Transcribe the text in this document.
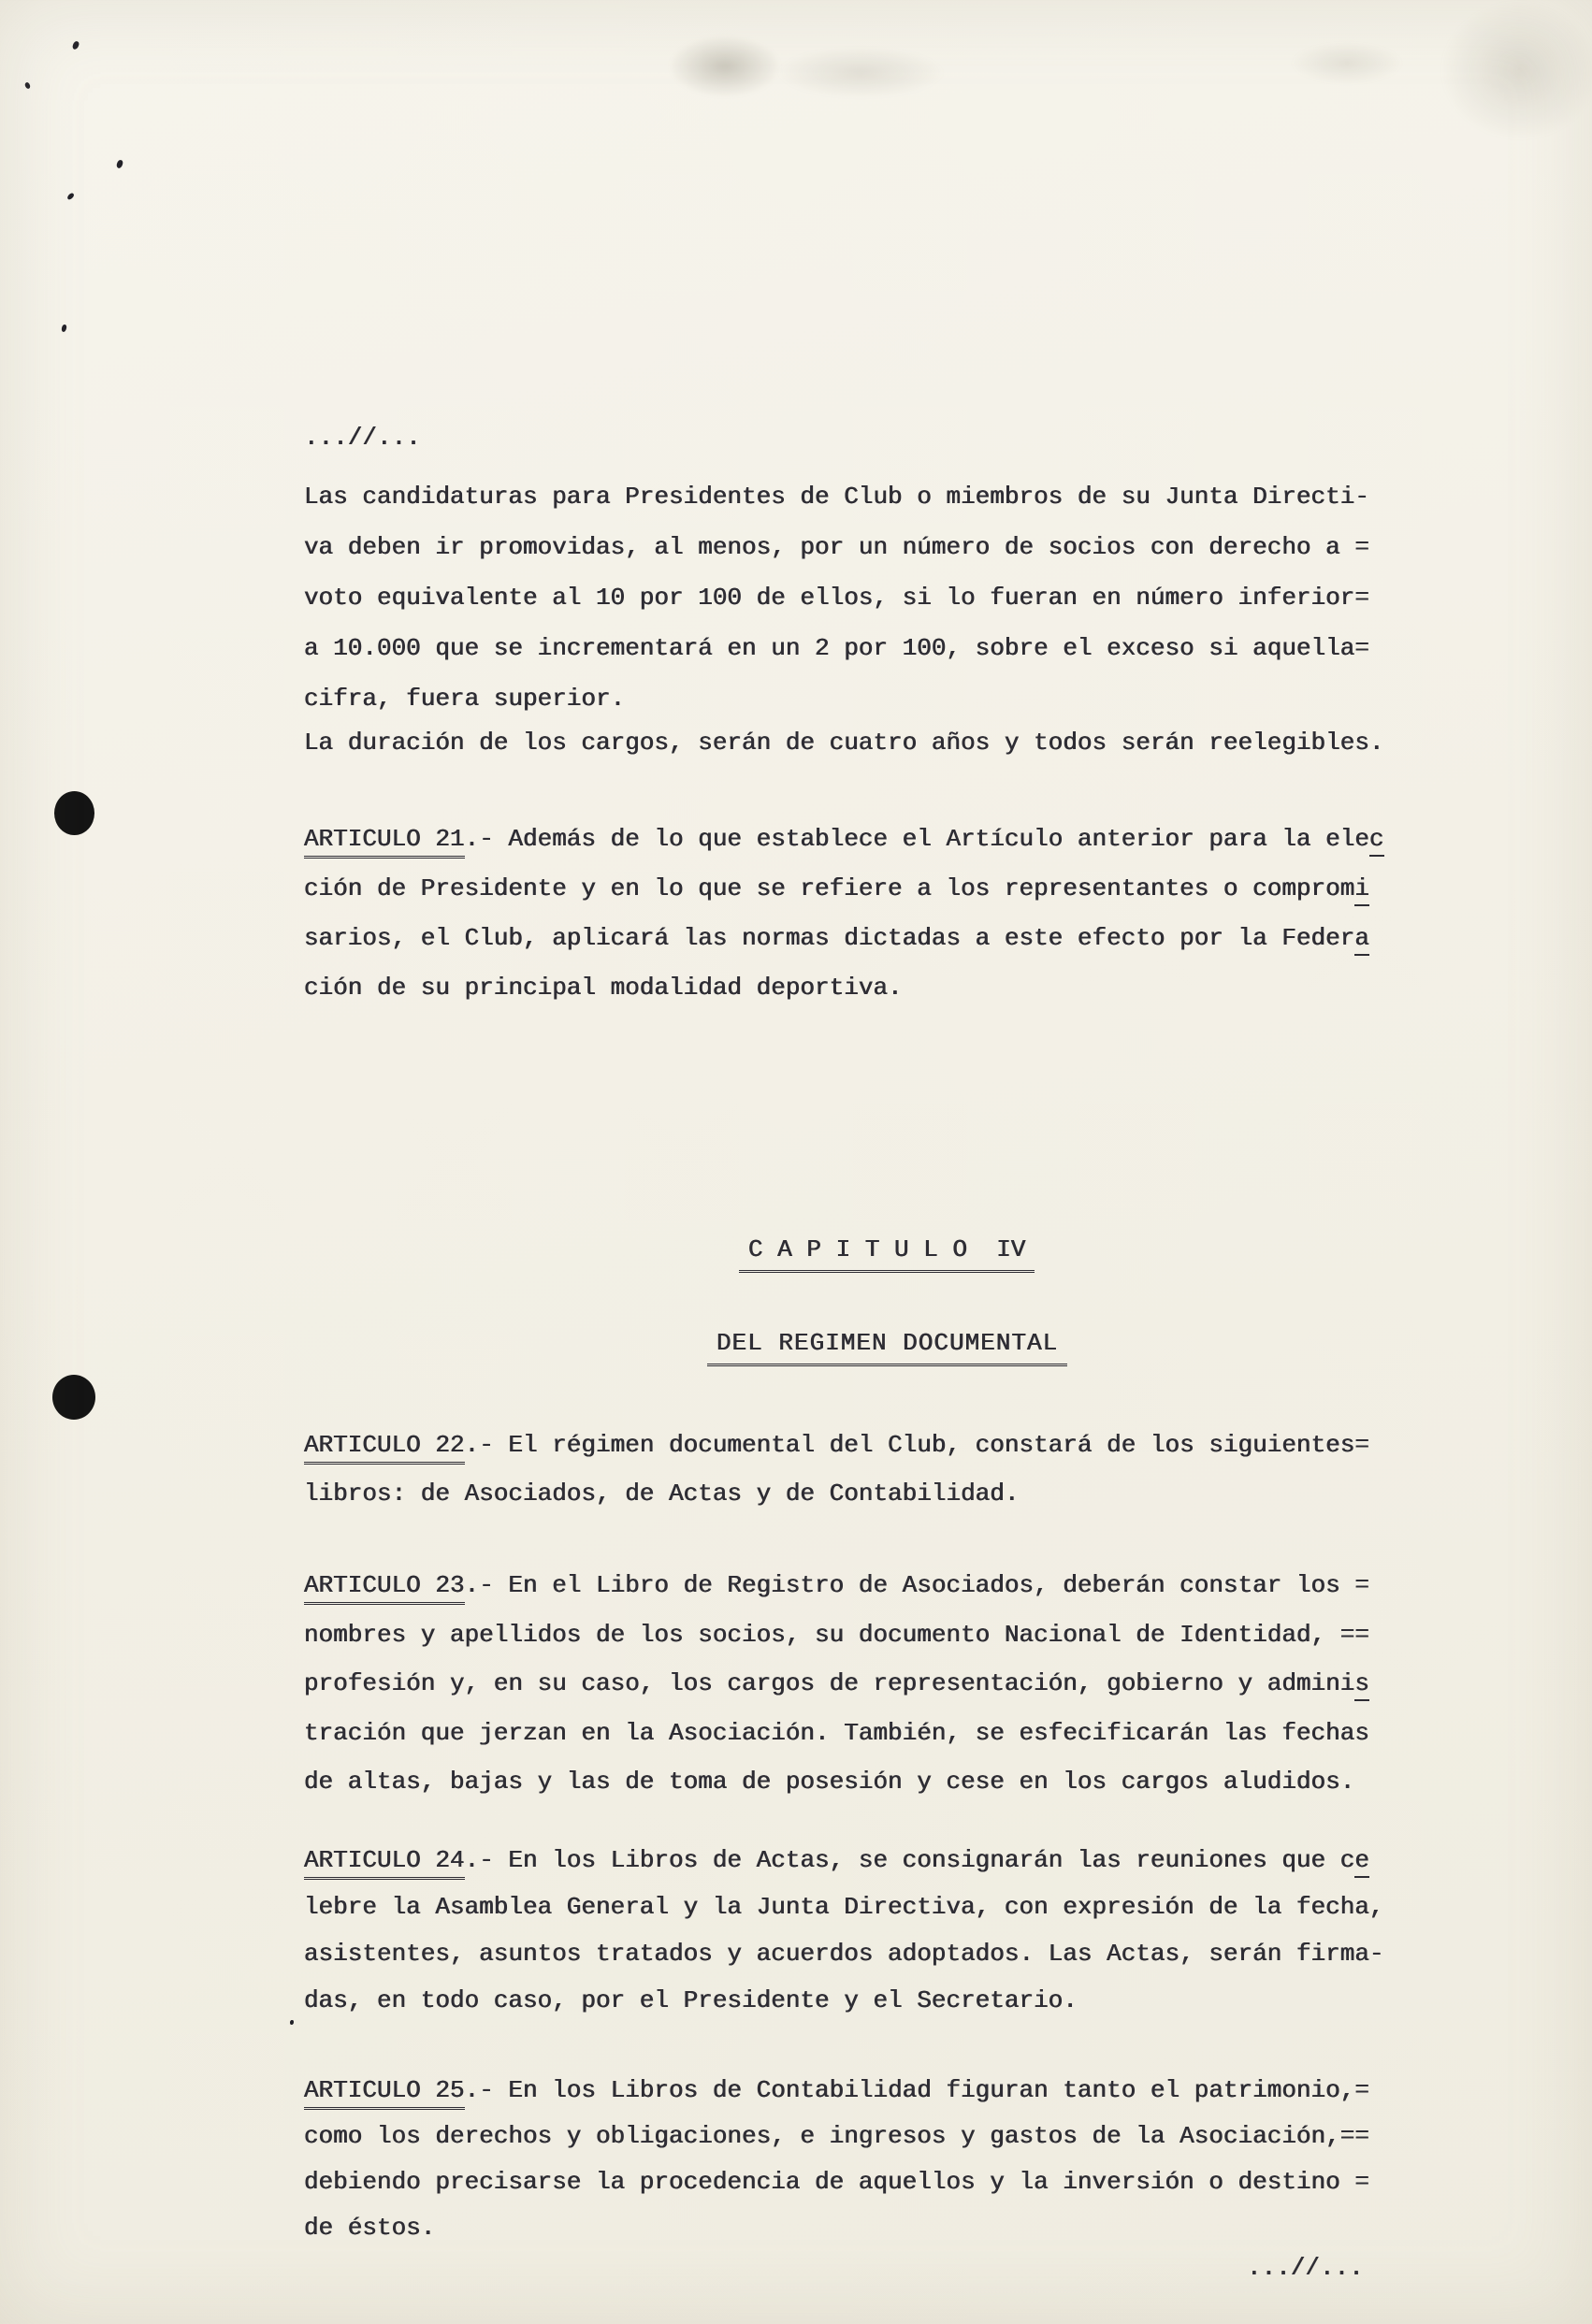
...//...
Las candidaturas para Presidentes de Club o miembros de su Junta Directi-
va deben ir promovidas, al menos, por un número de socios con derecho a =
voto equivalente al 10 por 100 de ellos, si lo fueran en número inferior=
a 10.000 que se incrementará en un 2 por 100, sobre el exceso si aquella=
cifra, fuera superior.
La duración de los cargos, serán de cuatro años y todos serán reelegibles.
ARTICULO 21.- Además de lo que establece el Artículo anterior para la elec
ción de Presidente y en lo que se refiere a los representantes o compromi
sarios, el Club, aplicará las normas dictadas a este efecto por la Federa
ción de su principal modalidad deportiva.
C A P I T U L O  IV
DEL REGIMEN DOCUMENTAL
ARTICULO 22.- El régimen documental del Club, constará de los siguientes=
libros: de Asociados, de Actas y de Contabilidad.
ARTICULO 23.- En el Libro de Registro de Asociados, deberán constar los =
nombres y apellidos de los socios, su documento Nacional de Identidad, ==
profesión y, en su caso, los cargos de representación, gobierno y adminis
tración que jerzan en la Asociación. También, se esfecificarán las fechas
de altas, bajas y las de toma de posesión y cese en los cargos aludidos.
ARTICULO 24.- En los Libros de Actas, se consignarán las reuniones que ce
lebre la Asamblea General y la Junta Directiva, con expresión de la fecha,
asistentes, asuntos tratados y acuerdos adoptados. Las Actas, serán firma-
das, en todo caso, por el Presidente y el Secretario.
ARTICULO 25.- En los Libros de Contabilidad figuran tanto el patrimonio,=
como los derechos y obligaciones, e ingresos y gastos de la Asociación,==
debiendo precisarse la procedencia de aquellos y la inversión o destino =
de éstos.
...//...
